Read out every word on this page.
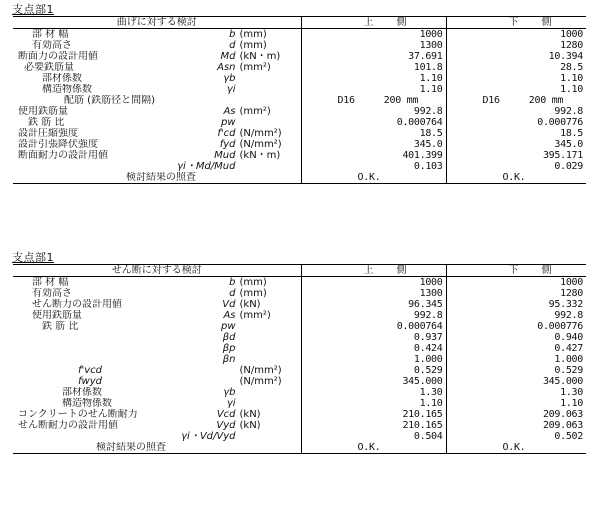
支点部1
曲げに対する検討	上　　側	下　　側

部 材 幅 b (mm)	1000	1000

有効高さ d (mm)	1300	1280

断面力の設計用値 Md (kN・m)	37.691	10.394

必要鉄筋量 Asn (mm²)	101.8	28.5

部材係数 γb	1.10	1.10

構造物係数 γi	1.10	1.10

配筋 (鉄筋径と間隔)	D16　　　200 mm	D16　　　200 mm

使用鉄筋量 As (mm²)	992.8	992.8

鉄 筋 比 pw	0.000764	0.000776

設計圧縮強度 f'cd (N/mm²)	18.5	18.5

設計引張降伏強度 fyd (N/mm²)	345.0	345.0

断面耐力の設計用値 Mud (kN・m)	401.399	395.171

γi・Md/Mud	0.103	0.029

検討結果の照査	O.K.	O.K.
支点部1
せん断に対する検討	上　　側	下　　側

部 材 幅 b (mm)	1000	1000

有効高さ d (mm)	1300	1280

せん断力の設計用値 Vd (kN)	96.345	95.332

使用鉄筋量 As (mm²)	992.8	992.8

鉄 筋 比 pw	0.000764	0.000776

βd	0.937	0.940

βp	0.424	0.427

βn	1.000	1.000

f'vcd (N/mm²)	0.529	0.529

fwyd (N/mm²)	345.000	345.000

部材係数 γb	1.30	1.30

構造物係数 γi	1.10	1.10

コンクリートのせん断耐力 Vcd (kN)	210.165	209.063

せん断耐力の設計用値 Vyd (kN)	210.165	209.063

γi・Vd/Vyd	0.504	0.502

検討結果の照査	O.K.	O.K.
